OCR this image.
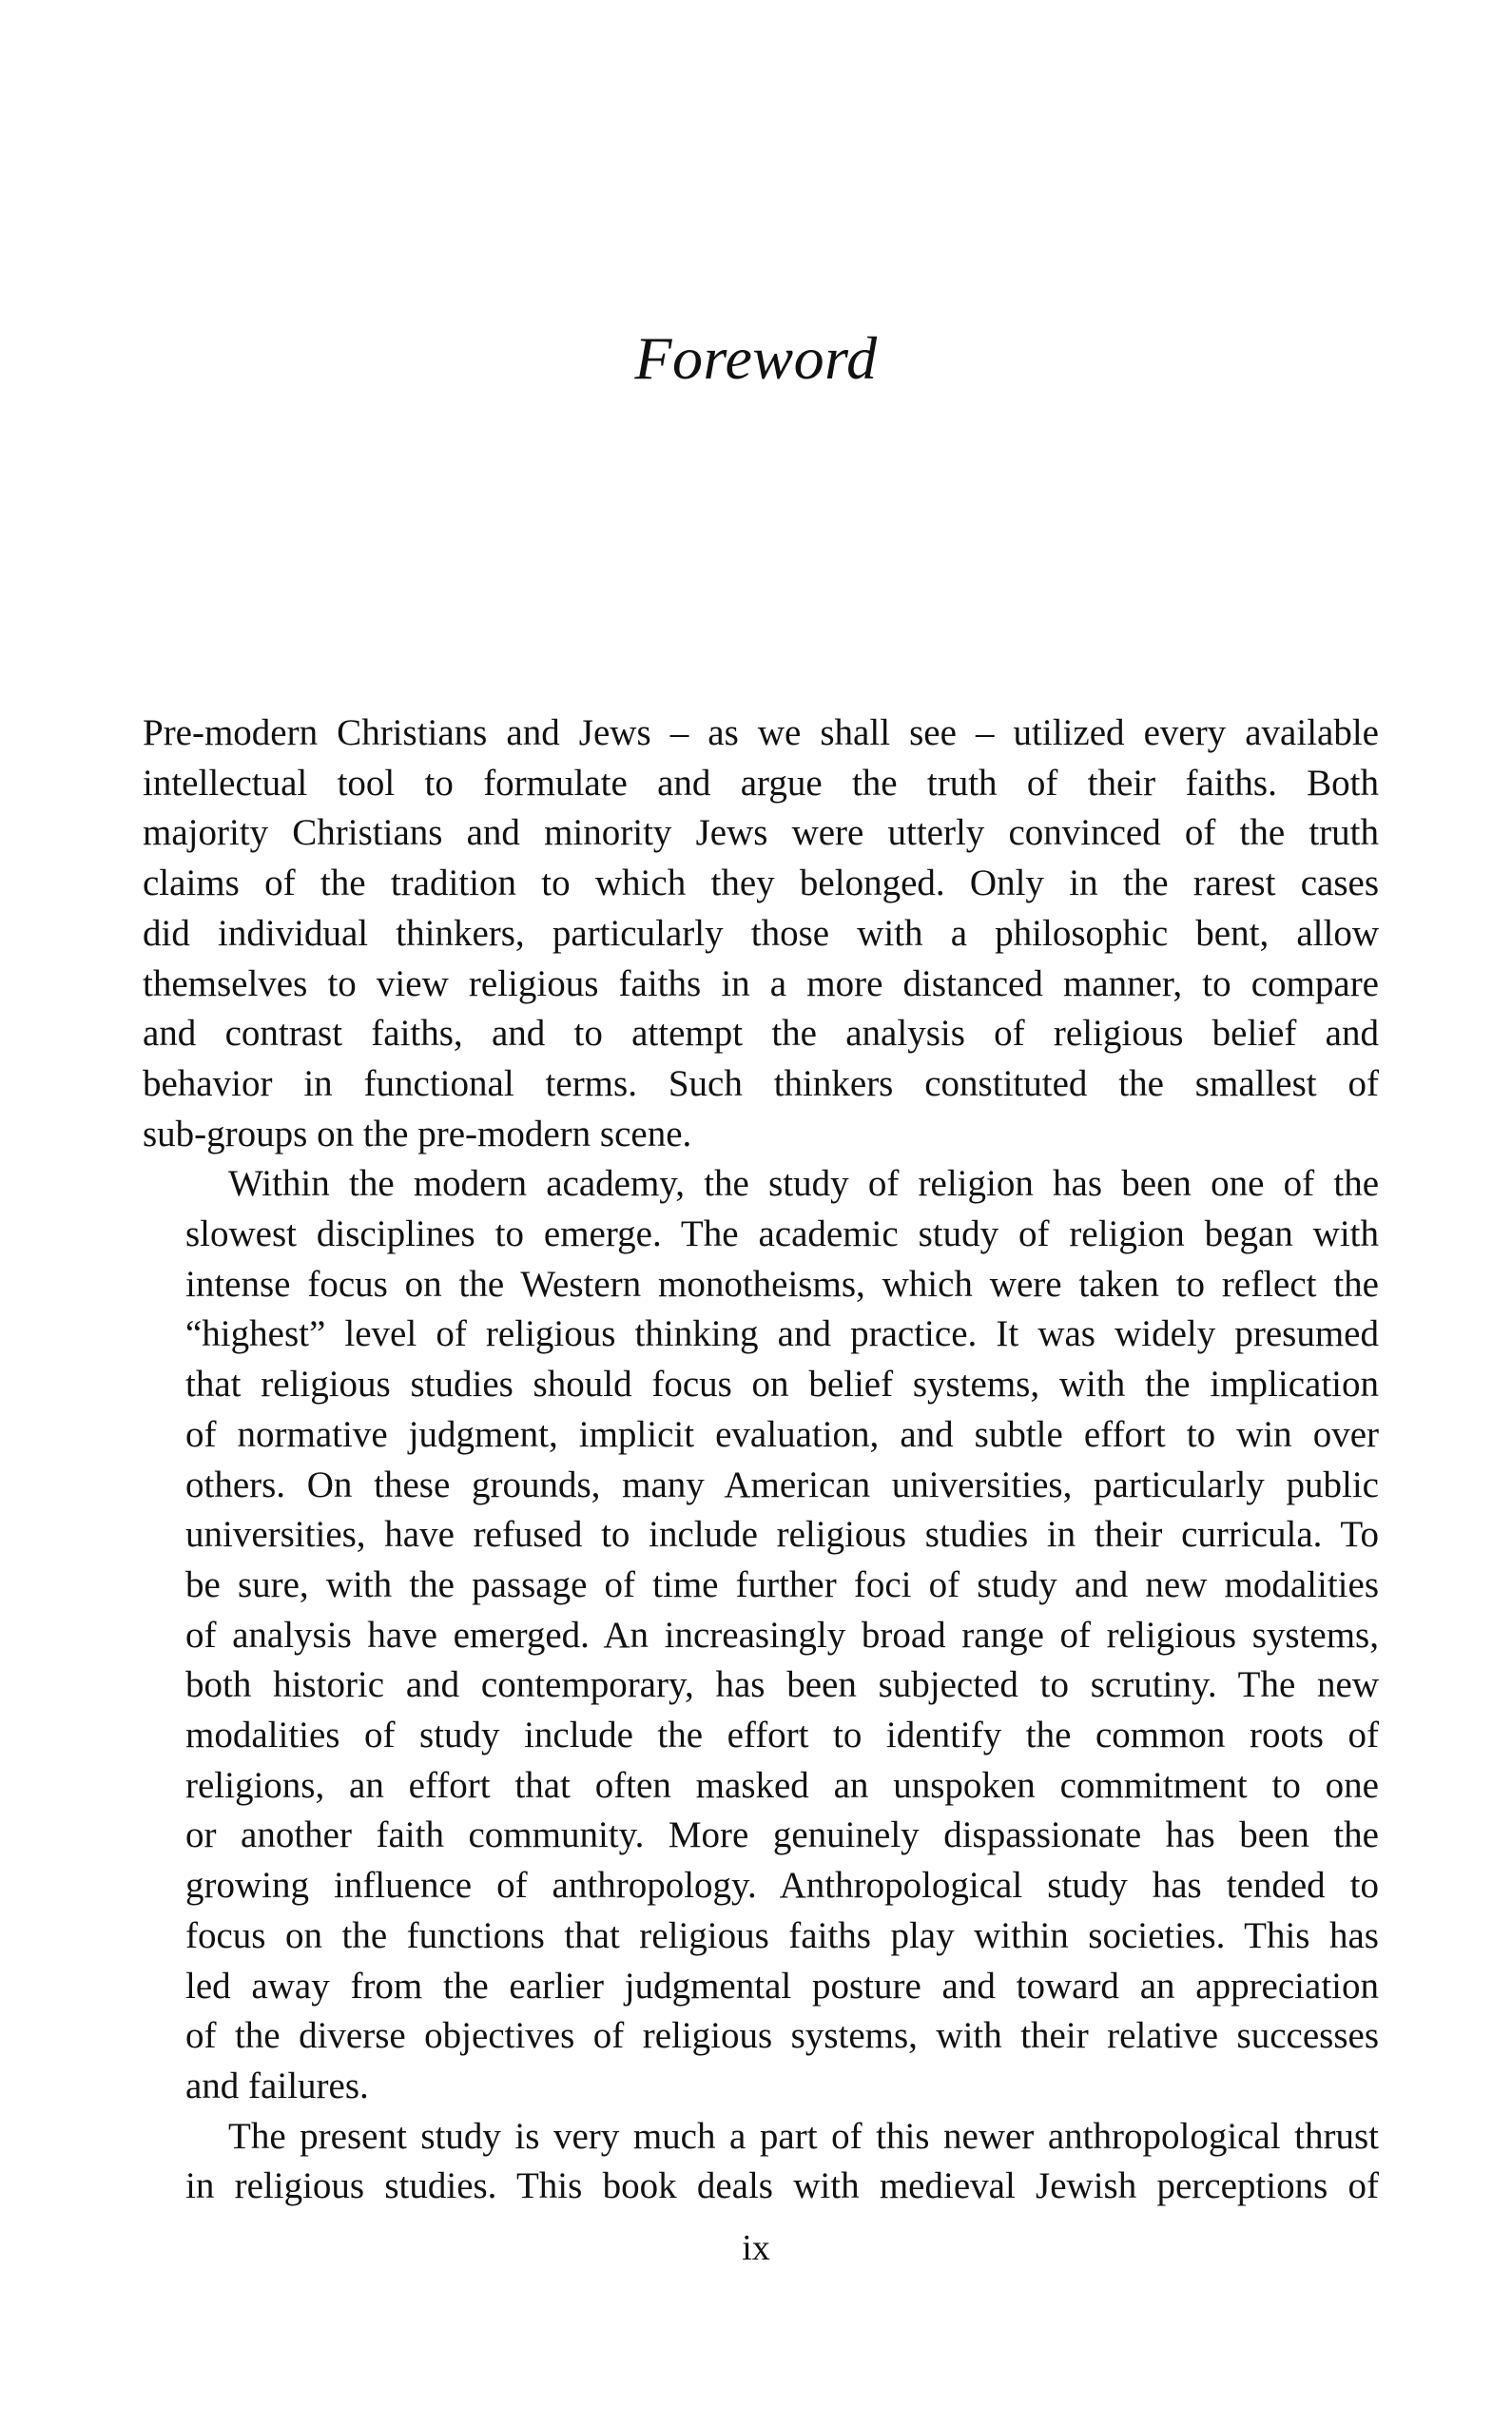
Foreword

Pre-modern Christians and Jews – as we shall see – utilized every available
intellectual tool to formulate and argue the truth of their faiths. Both
majority Christians and minority Jews were utterly convinced of the truth
claims of the tradition to which they belonged. Only in the rarest cases
did individual thinkers, particularly those with a philosophic bent, allow
themselves to view religious faiths in a more distanced manner, to compare
and contrast faiths, and to attempt the analysis of religious belief and
behavior in functional terms. Such thinkers constituted the smallest of
sub-groups on the pre-modern scene.

Within the modern academy, the study of religion has been one of the
slowest disciplines to emerge. The academic study of religion began with
intense focus on the Western monotheisms, which were taken to reflect the
“highest” level of religious thinking and practice. It was widely presumed
that religious studies should focus on belief systems, with the implication
of normative judgment, implicit evaluation, and subtle effort to win over
others. On these grounds, many American universities, particularly public
universities, have refused to include religious studies in their curricula. To
be sure, with the passage of time further foci of study and new modalities
of analysis have emerged. An increasingly broad range of religious systems,
both historic and contemporary, has been subjected to scrutiny. The new
modalities of study include the effort to identify the common roots of
religions, an effort that often masked an unspoken commitment to one
or another faith community. More genuinely dispassionate has been the
growing influence of anthropology. Anthropological study has tended to
focus on the functions that religious faiths play within societies. This has
led away from the earlier judgmental posture and toward an appreciation
of the diverse objectives of religious systems, with their relative successes
and failures.

The present study is very much a part of this newer anthropological thrust
in religious studies. This book deals with medieval Jewish perceptions of

ix
